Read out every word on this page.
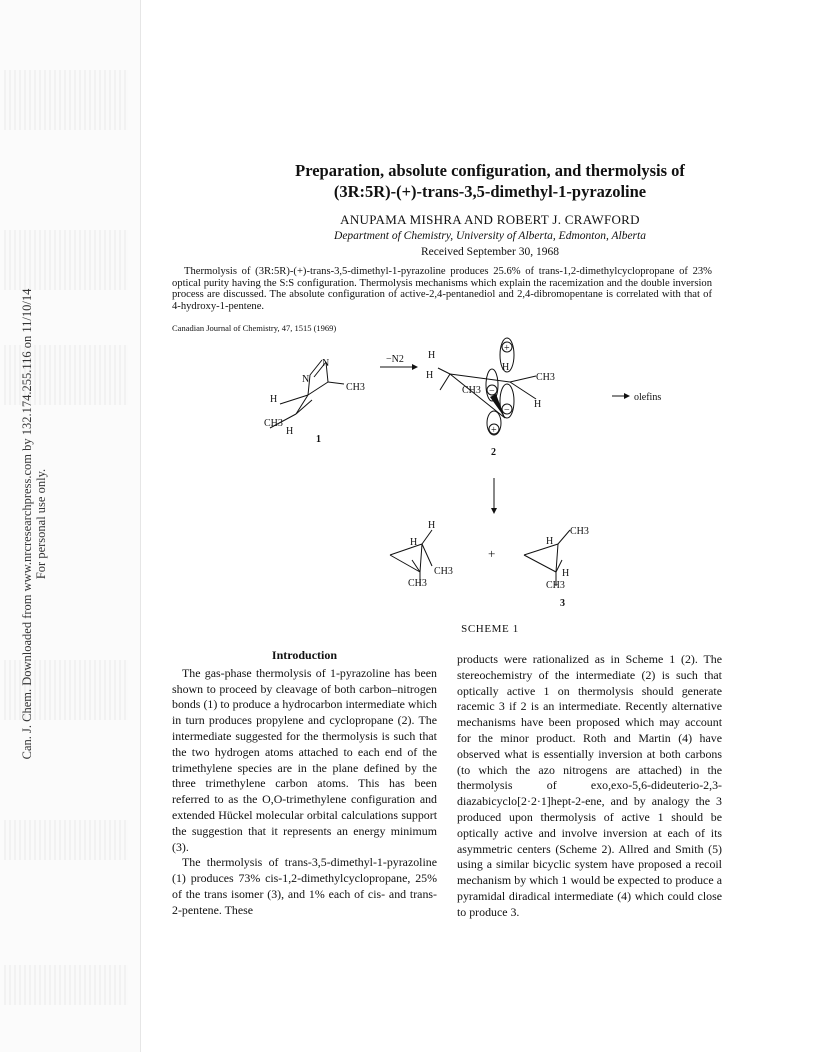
Can. J. Chem. Downloaded from www.nrcresearchpress.com by 132.174.255.116 on 11/10/14 For personal use only.
Preparation, absolute configuration, and thermolysis of
(3R:5R)-(+)-trans-3,5-dimethyl-1-pyrazoline
ANUPAMA MISHRA AND ROBERT J. CRAWFORD
Department of Chemistry, University of Alberta, Edmonton, Alberta
Received September 30, 1968
Thermolysis of (3R:5R)-(+)-trans-3,5-dimethyl-1-pyrazoline produces 25.6% of trans-1,2-dimethylcyclopropane of 23% optical purity having the S:S configuration. Thermolysis mechanisms which explain the racemization and the double inversion process are discussed. The absolute configuration of active-2,4-pentanediol and 2,4-dibromopentane is correlated with that of 4-hydroxy-1-pentene.
Canadian Journal of Chemistry, 47, 1515 (1969)
N
N
CH3
H
CH3
H
1
−N2
+
−
−
+
H
H
H
CH3
H
CH3
2
olefins
H
H
CH3
CH3
+
H
CH3
H
CH3
3
SCHEME 1
Introduction

The gas-phase thermolysis of 1-pyrazoline has been shown to proceed by cleavage of both carbon–nitrogen bonds (1) to produce a hydrocarbon intermediate which in turn produces propylene and cyclopropane (2). The intermediate suggested for the thermolysis is such that the two hydrogen atoms attached to each end of the trimethylene species are in the plane defined by the three trimethylene carbon atoms. This has been referred to as the O,O-trimethylene configuration and extended Hückel molecular orbital calculations support the suggestion that it represents an energy minimum (3).

The thermolysis of trans-3,5-dimethyl-1-pyrazoline (1) produces 73% cis-1,2-dimethylcyclopropane, 25% of the trans isomer (3), and 1% each of cis- and trans-2-pentene. These

products were rationalized as in Scheme 1 (2). The stereochemistry of the intermediate (2) is such that optically active 1 on thermolysis should generate racemic 3 if 2 is an intermediate. Recently alternative mechanisms have been proposed which may account for the minor product. Roth and Martin (4) have observed what is essentially inversion at both carbons (to which the azo nitrogens are attached) in the thermolysis of exo,exo-5,6-dideuterio-2,3-diazabicyclo[2·2·1]hept-2-ene, and by analogy the 3 produced upon thermolysis of active 1 should be optically active and involve inversion at each of its asymmetric centers (Scheme 2). Allred and Smith (5) using a similar bicyclic system have proposed a recoil mechanism by which 1 would be expected to produce a pyramidal diradical intermediate (4) which could close to produce 3.
